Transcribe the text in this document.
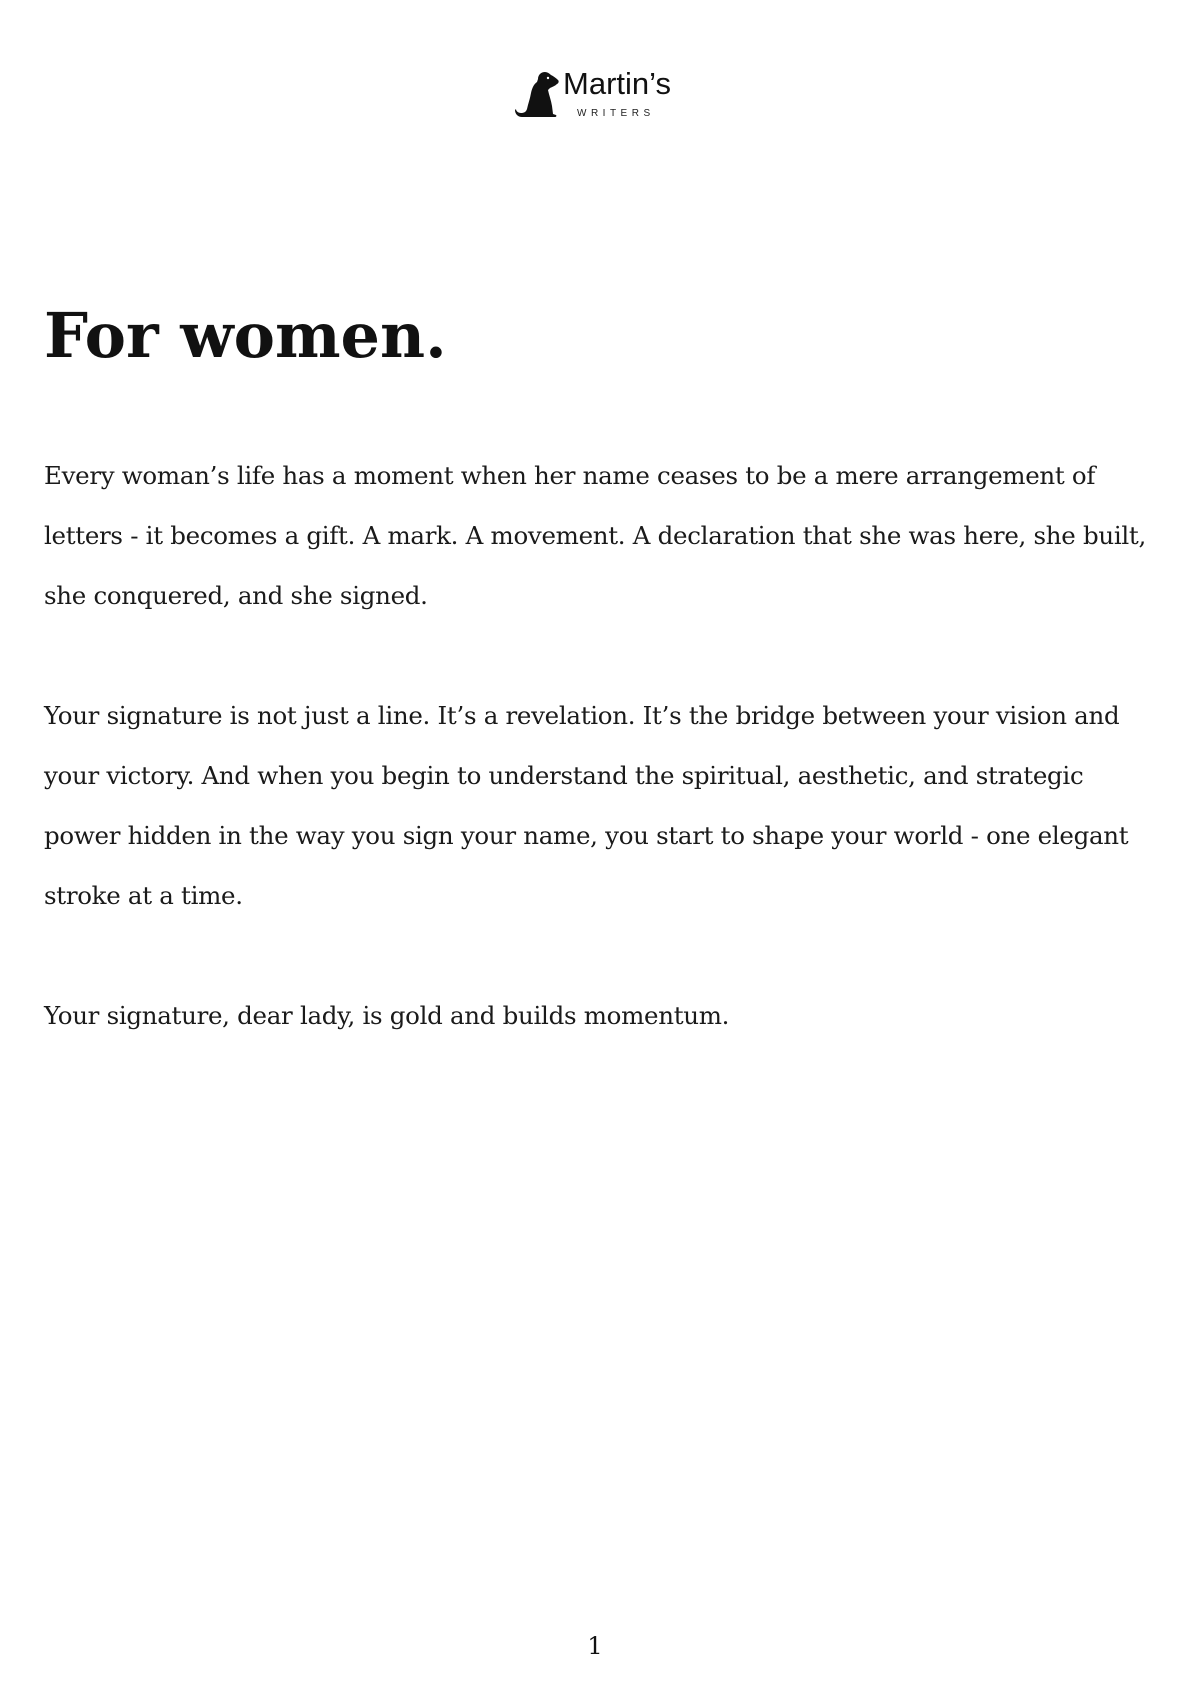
Martin’s
WRITERS
For women.

Every woman’s life has a moment when her name ceases to be a mere arrangement of letters - it becomes a gift. A mark. A movement. A declaration that she was here, she built, she conquered, and she signed.

Your signature is not just a line. It’s a revelation. It’s the bridge between your vision and your victory. And when you begin to understand the spiritual, aesthetic, and strategic power hidden in the way you sign your name, you start to shape your world - one elegant stroke at a time.

Your signature, dear lady, is gold and builds momentum.

1
